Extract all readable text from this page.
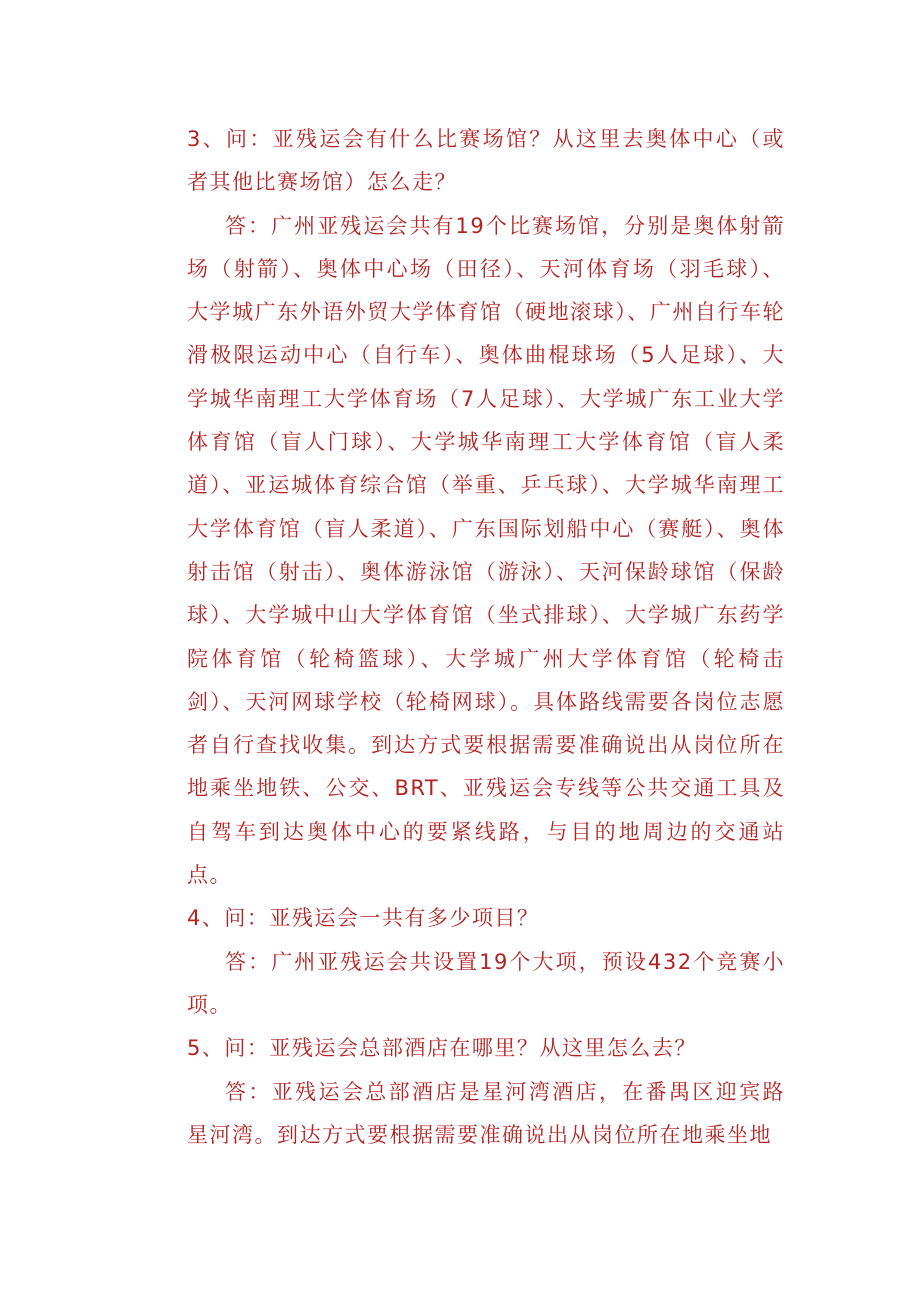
3、问：亚残运会有什么比赛场馆？从这里去奥体中心（或者其他比赛场馆）怎么走？

答：广州亚残运会共有19个比赛场馆，分别是奥体射箭场（射箭）、奥体中心场（田径）、天河体育场（羽毛球）、大学城广东外语外贸大学体育馆（硬地滚球）、广州自行车轮滑极限运动中心（自行车）、奥体曲棍球场（5人足球）、大学城华南理工大学体育场（7人足球）、大学城广东工业大学体育馆（盲人门球）、大学城华南理工大学体育馆（盲人柔道）、亚运城体育综合馆（举重、乒乓球）、大学城华南理工大学体育馆（盲人柔道）、广东国际划船中心（赛艇）、奥体射击馆（射击）、奥体游泳馆（游泳）、天河保龄球馆（保龄球）、大学城中山大学体育馆（坐式排球）、大学城广东药学院体育馆（轮椅篮球）、大学城广州大学体育馆（轮椅击剑）、天河网球学校（轮椅网球）。具体路线需要各岗位志愿者自行查找收集。到达方式要根据需要准确说出从岗位所在地乘坐地铁、公交、BRT、亚残运会专线等公共交通工具及自驾车到达奥体中心的要紧线路，与目的地周边的交通站点。

4、问：亚残运会一共有多少项目？

答：广州亚残运会共设置19个大项，预设432个竞赛小项。

5、问：亚残运会总部酒店在哪里？从这里怎么去？

答：亚残运会总部酒店是星河湾酒店，在番禺区迎宾路星河湾。到达方式要根据需要准确说出从岗位所在地乘坐地
